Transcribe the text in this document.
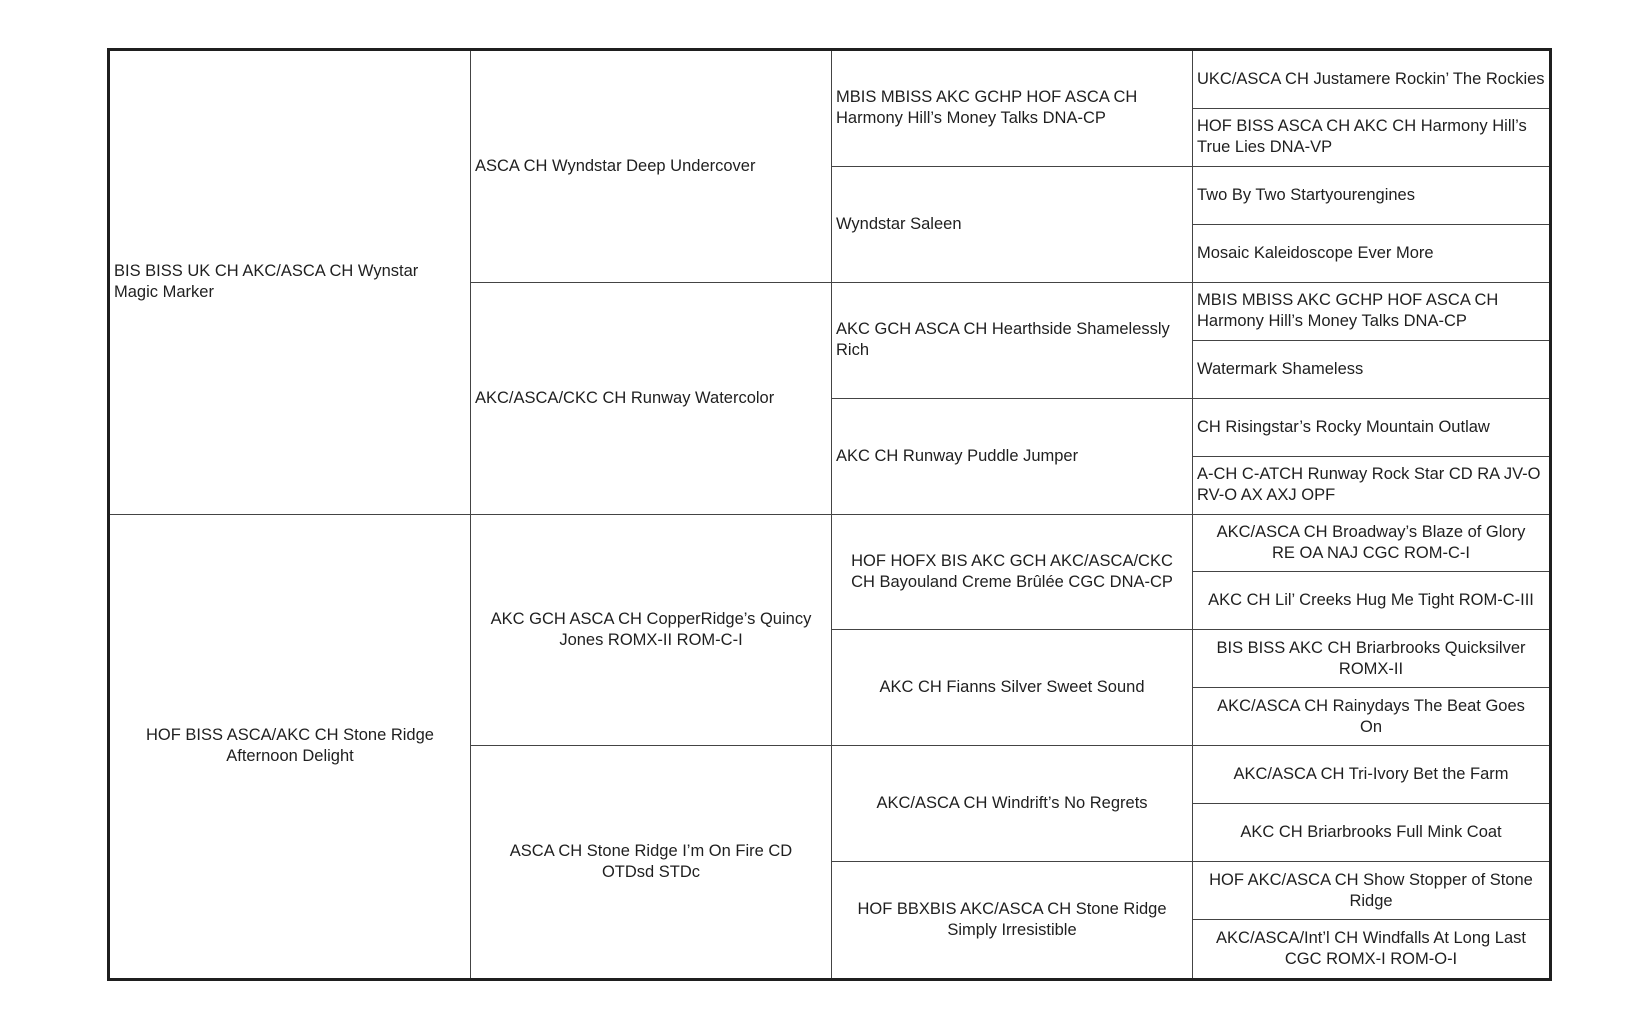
BIS BISS UK CH AKC/ASCA CH Wynstar Magic Marker
HOF BISS ASCA/AKC CH Stone Ridge Afternoon Delight
ASCA CH Wyndstar Deep Undercover
AKC/ASCA/CKC CH Runway Watercolor
AKC GCH ASCA CH CopperRidge’s Quincy Jones ROMX-II ROM-C-I
ASCA CH Stone Ridge I’m On Fire CD OTDsd STDc
MBIS MBISS AKC GCHP HOF ASCA CH Harmony Hill’s Money Talks DNA-CP
Wyndstar Saleen
AKC GCH ASCA CH Hearthside Shamelessly Rich
AKC CH Runway Puddle Jumper
HOF HOFX BIS AKC GCH AKC/ASCA/CKC CH Bayouland Creme Brûlée CGC DNA-CP
AKC CH Fianns Silver Sweet Sound
AKC/ASCA CH Windrift’s No Regrets
HOF BBXBIS AKC/ASCA CH Stone Ridge Simply Irresistible
UKC/ASCA CH Justamere Rockin’ The Rockies
HOF BISS ASCA CH AKC CH Harmony Hill’s True Lies DNA-VP
Two By Two Startyourengines
Mosaic Kaleidoscope Ever More
MBIS MBISS AKC GCHP HOF ASCA CH Harmony Hill’s Money Talks DNA-CP
Watermark Shameless
CH Risingstar’s Rocky Mountain Outlaw
A-CH C-ATCH Runway Rock Star CD RA JV-O RV-O AX AXJ OPF
AKC/ASCA CH Broadway’s Blaze of Glory RE OA NAJ CGC ROM-C-I
AKC CH Lil’ Creeks Hug Me Tight ROM-C-III
BIS BISS AKC CH Briarbrooks Quicksilver ROMX-II
AKC/ASCA CH Rainydays The Beat Goes On
AKC/ASCA CH Tri-Ivory Bet the Farm
AKC CH Briarbrooks Full Mink Coat
HOF AKC/ASCA CH Show Stopper of Stone Ridge
AKC/ASCA/Int’l CH Windfalls At Long Last CGC ROMX-I ROM-O-I
